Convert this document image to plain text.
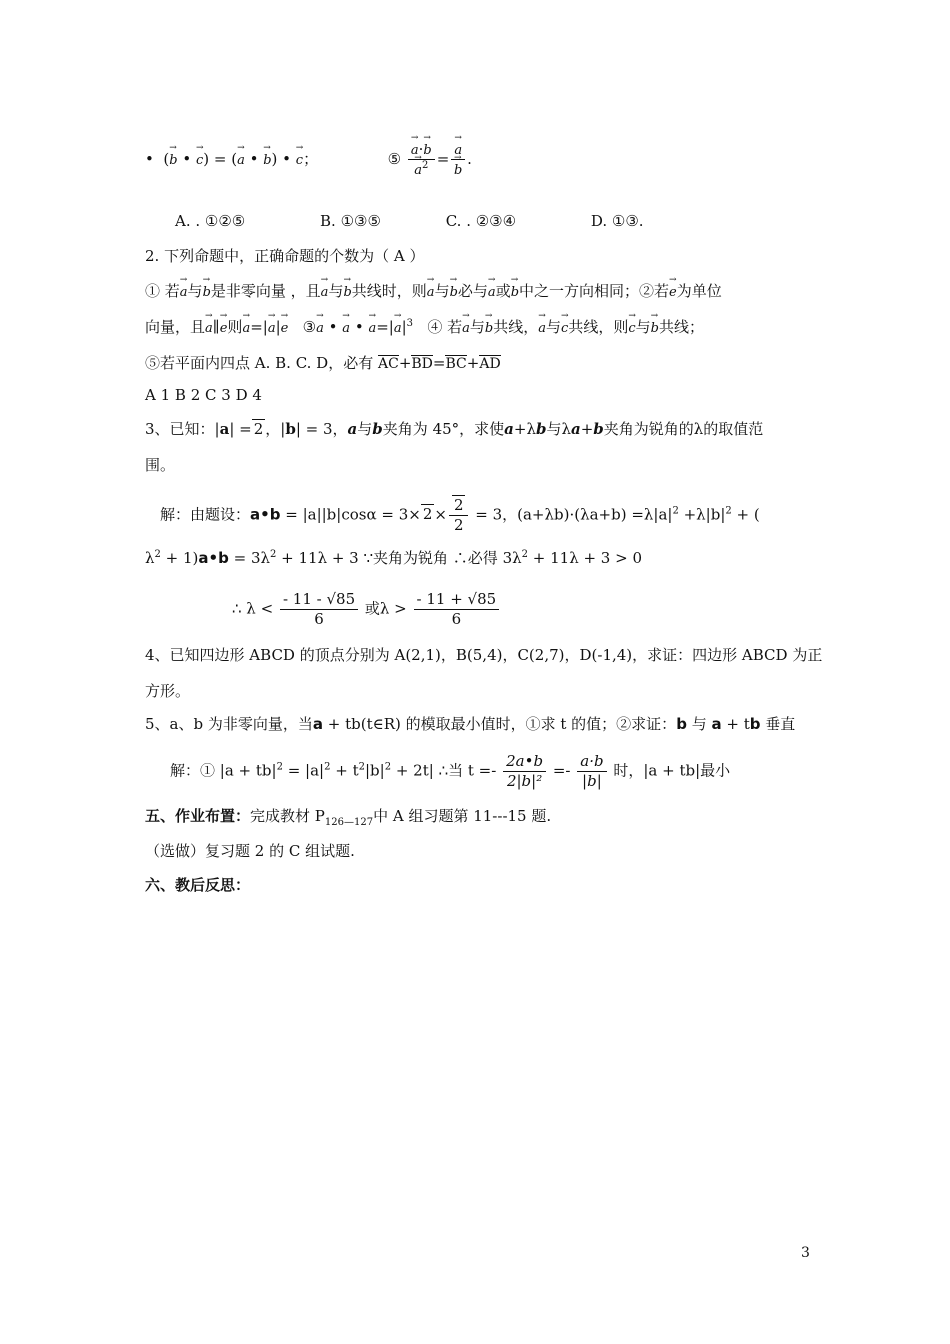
•  (→ b • → c) = (→ a • → b) • → c；	⑤ → a·→ b
→ $a^2$ = → a
→ b .
A. . ①②⑤	B. ①③⑤	C. . ②③④	D. ①③.
2. 下列命题中，正确命题的个数为（ A ）
① 若→ a与→ b是非零向量 ，且→ a与→ b共线时，则→ a与→ b必与→ a或→ b中之一方向相同；②若→ e为单位
向量，且→ a∥→ e则→ a=|→ a|→ e ③→ a • → a • → $a=|\to a|^3$ ④ 若→ a与→ b共线，→ a与→ c共线，则→ c与→ b共线；
⑤若平面内四点 A. B. C. D，必有 AC+BD=BC+AD
A 1 B 2 C 3 D 4
3、已知：|a| = 2 ，|b| = 3，a与b夹角为 45°，求使a+λb与λa+b夹角为锐角的λ的取值范
围。
解：由题设：a•b = $|a||b|\cos\alpha = 3\times 2 \times \frac{2}{2} = 3$，$(a+\lambda b)\cdot(\lambda a+b) =\lambda|a|^2 +\lambda|b|^2$ + (
$\lambda^2$ + 1)a•b = $3\lambda^2 + 11\lambda + 3$ ∵夹角为锐角 ∴必得 $3\lambda^2 + 11\lambda + 3 > 0$
∴ $\lambda < \frac{- 11 - √85}{6}$ 或$\lambda > \frac{- 11 + √85}{6}$
4、已知四边形 ABCD 的顶点分别为 A(2,1)，B(5,4)，C(2,7)，D(-1,4)，求证：四边形 ABCD 为正
方形。
5、a、b 为非零向量，当a + tb(t∈R) 的模取最小值时，①求 t 的值；②求证：b 与 a + tb 垂直
解：① $|a + tb|^2 = |a|^2 + t^2|b|^2 + 2t|$ ∴当 $t =- \frac{2a•b}{\text{2|b|²}} =- \frac{a\cdot b}{|b|}$ 时，|a + tb|最小
五、作业布置：完成教材 $P_{126—127}$中 A 组习题第 11---15 题.
（选做）复习题 2 的 C 组试题.
六、教后反思：
3
